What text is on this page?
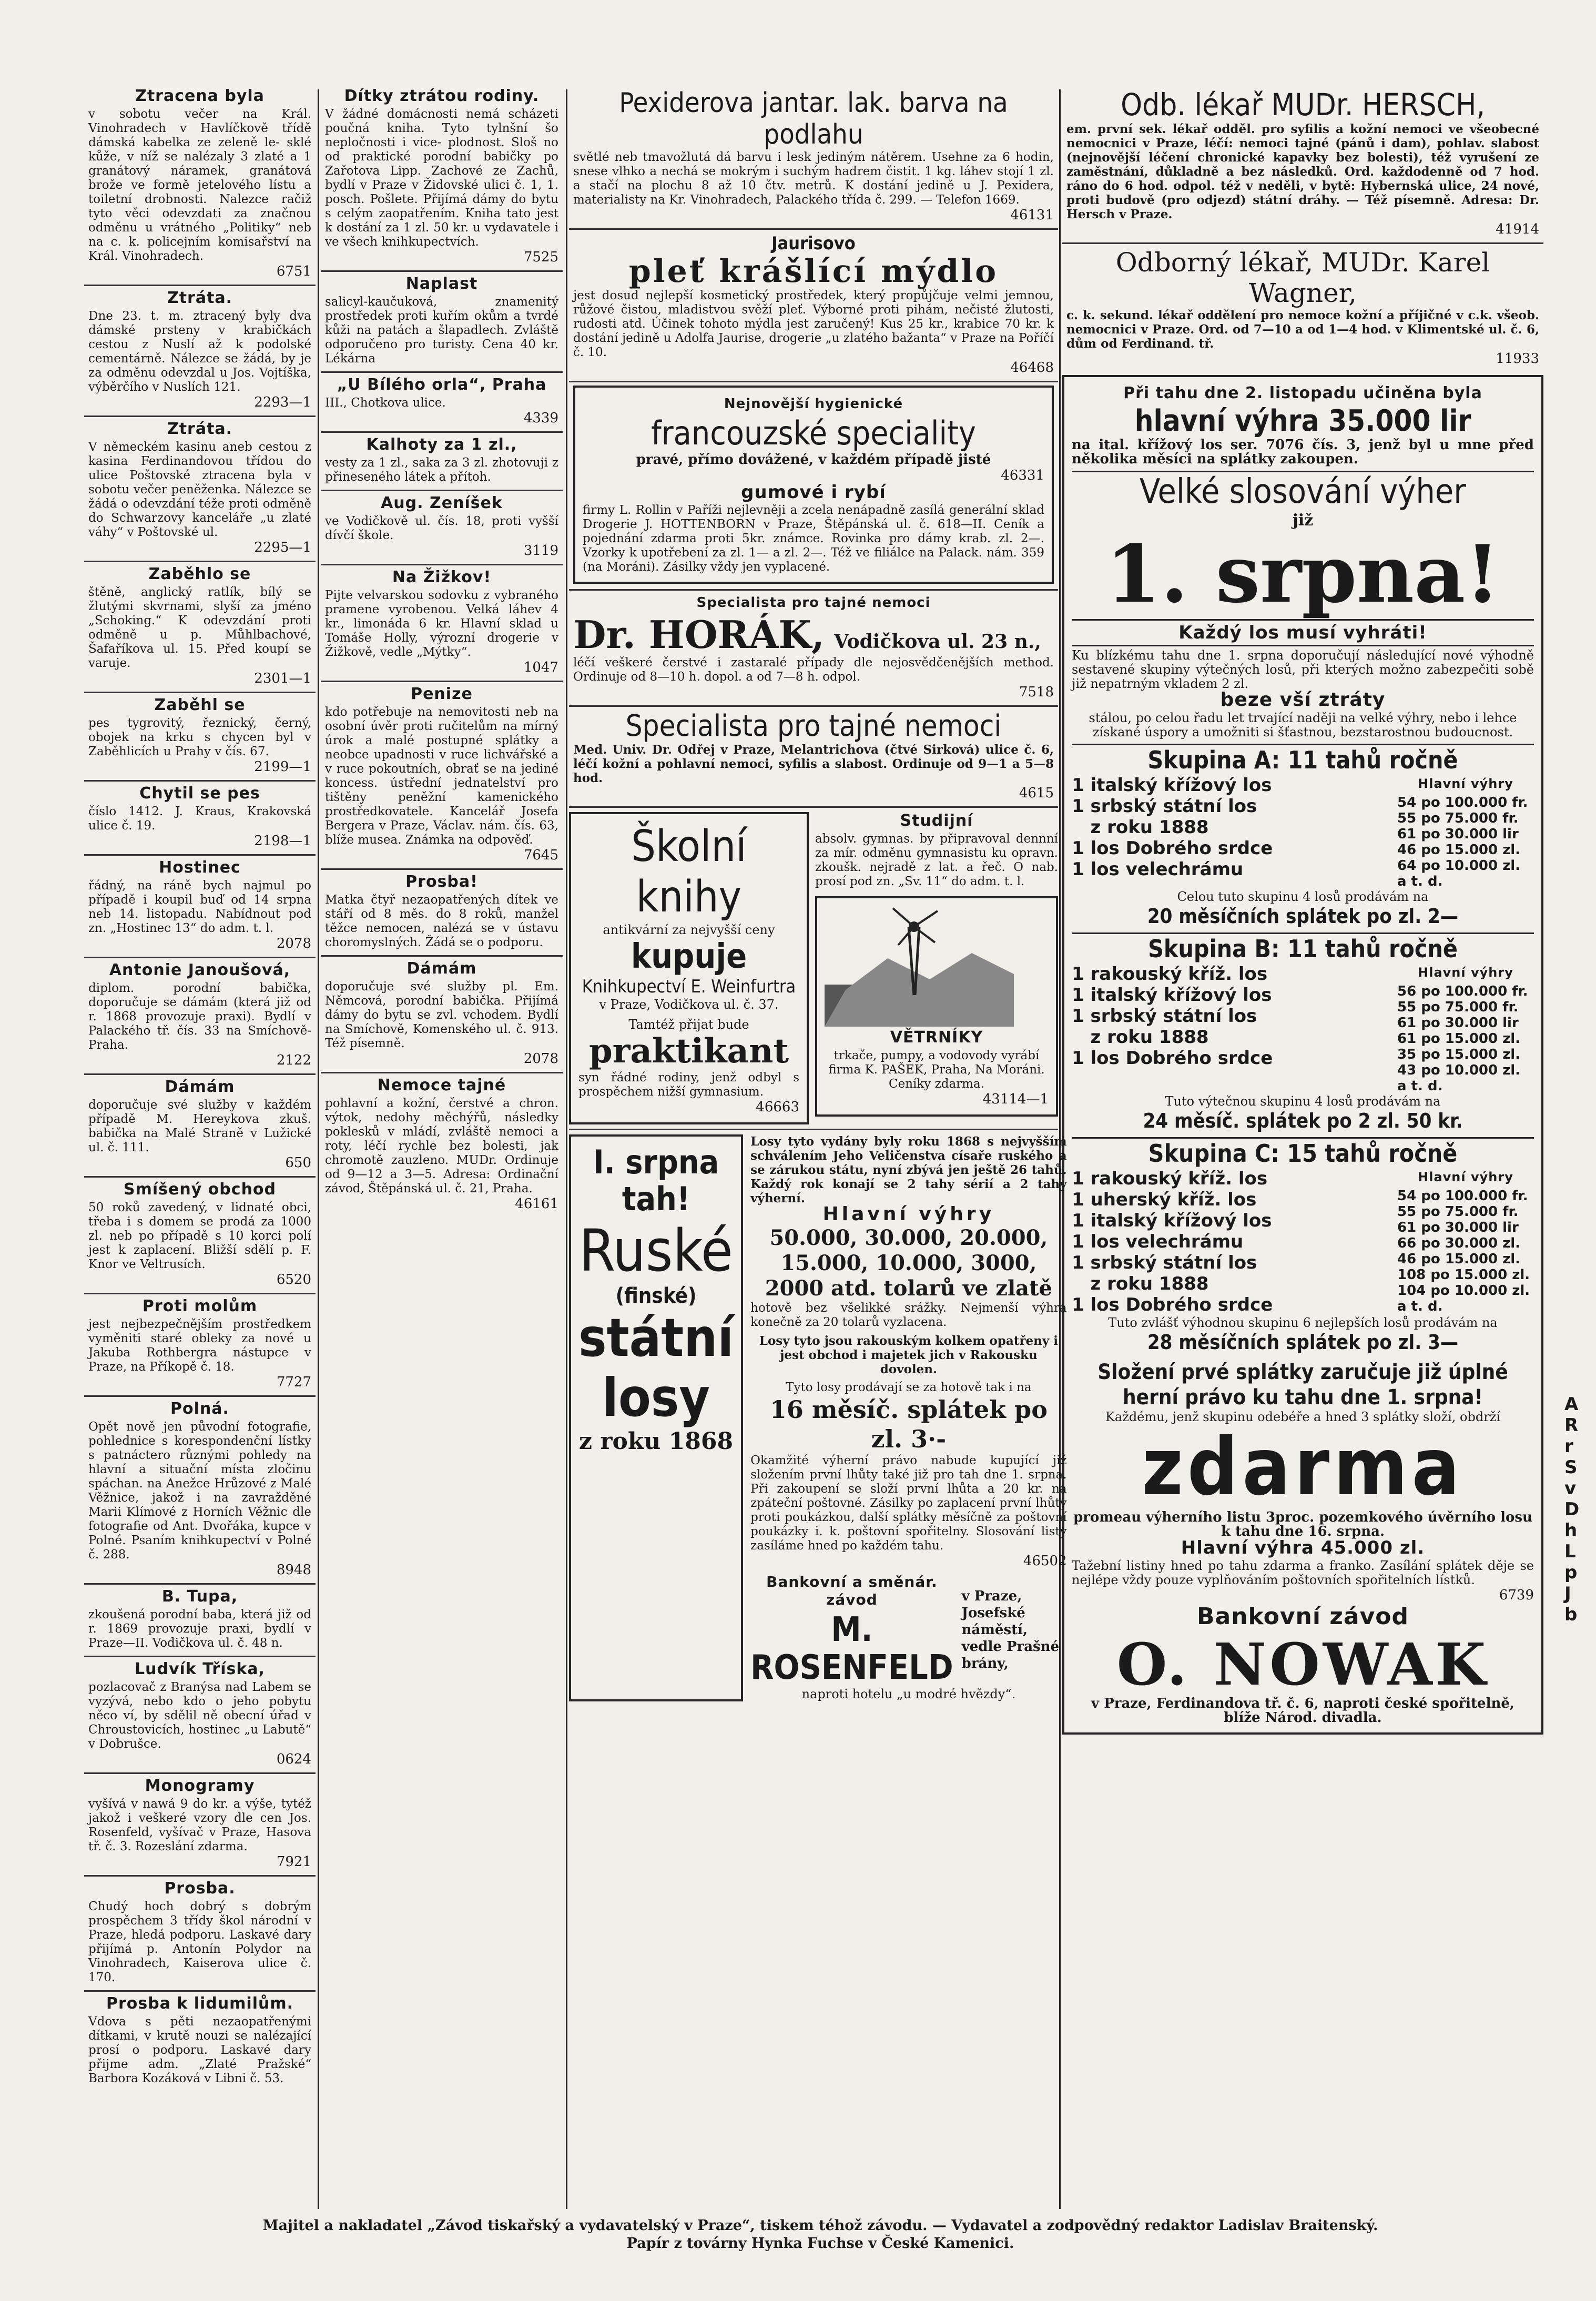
Ztracena byla

v sobotu večer na Král. Vinohradech v Havlíčkově třídě dámská kabelka ze zeleně le- sklé kůže, v níž se nalézaly 3 zlaté a 1 granátový náramek, granátová brože ve formě jetelového lístu a toiletní drobnosti. Nalezce račiž tyto věci odevzdati za značnou odměnu u vrátného „Politiky“ neb na c. k. policejním komisařství na Král. Vinohradech.

6751
Ztráta.

Dne 23. t. m. ztracený byly dva dámské prsteny v krabičkách cestou z Nuslí až k podolské cementárně. Nálezce se žádá, by je za odměnu odevzdal u Jos. Vojtíška, výběrčího v Nuslích 121.

2293—1
Ztráta.

V německém kasinu aneb cestou z kasina Ferdinandovou třídou do ulice Poštovské ztracena byla v sobotu večer peněženka. Nálezce se žádá o odevzdání téže proti odměně do Schwarzovy kanceláře „u zlaté váhy“ v Poštovské ul.

2295—1
Zaběhlo se

štěně, anglický ratlík, bílý se žlutými skvrnami, slyší za jméno „Schoking.“ K odevzdání proti odměně u p. Můhlbachové, Šafaříkova ul. 15. Před koupí se varuje.

2301—1
Zaběhl se

pes tygrovitý, řeznický, černý, obojek na krku s chycen byl v Zaběhlicích u Prahy v čís. 67.

2199—1
Chytil se pes

číslo 1412. J. Kraus, Krakovská ulice č. 19.

2198—1
Hostinec

řádný, na ráně bych najmul po případě i koupil buď od 14 srpna neb 14. listopadu. Nabídnout pod zn. „Hostinec 13“ do adm. t. l.

2078
Antonie Janoušová,

diplom. porodní babička, doporučuje se dámám (která již od r. 1868 provozuje praxi). Bydlí v Palackého tř. čís. 33 na Smíchově-Praha.

2122
Dámám

doporučuje své služby v každém případě M. Hereykova zkuš. babička na Malé Straně v Lužické ul. č. 111.

650
Smíšený obchod

50 roků zavedený, v lidnaté obci, třeba i s domem se prodá za 1000 zl. neb po případě s 10 korci polí jest k zaplacení. Bližší sdělí p. F. Knor ve Veltrusích.

6520
Proti molům

jest nejbezpečnějším prostředkem vyměniti staré obleky za nové u Jakuba Rothbergra nástupce v Praze, na Příkopě č. 18.

7727
Polná.

Opět nově jen původní fotografie, pohlednice s korespondenční lístky s patnáctero různými pohledy na hlavní a situační místa zločinu spáchan. na Anežce Hrůzové z Malé Věžnice, jakož i na zavražděné Marii Klímové z Horních Věžnic dle fotografie od Ant. Dvořáka, kupce v Polné. Psaním knihkupectví v Polné č. 288.

8948
B. Tupa,

zkoušená porodní baba, která již od r. 1869 provozuje praxi, bydlí v Praze—II. Vodičkova ul. č. 48 n.

Ludvík Tříska,

pozlacovač z Branýsa nad Labem se vyzývá, nebo kdo o jeho pobytu něco ví, by sdělil ně obecní úřad v Chroustovicích, hostinec „u Labutě“ v Dobrušce.

0624
Monogramy

vyšívá v nawá 9 do kr. a výše, tytéž jakož i veškeré vzory dle cen Jos. Rosenfeld, vyšívač v Praze, Hasova tř. č. 3. Rozeslání zdarma.

7921
Prosba.

Chudý hoch dobrý s dobrým prospěchem 3 třídy škol národní v Praze, hledá podporu. Laskavé dary přijímá p. Antonín Polydor na Vinohradech, Kaiserova ulice č. 170.

Prosba k lidumilům.

Vdova s pěti nezaopatřenými dítkami, v krutě nouzi se nalézající prosí o podporu. Laskavé dary přijme adm. „Zlaté Pražské“ Barbora Kozáková v Libni č. 53.

Dítky ztrátou rodiny.

V žádné domácnosti nemá scházeti poučná kniha. Tyto tylnšní šo nepločnosti i vice- plodnost. Sloš no od praktické porodní babičky po Zařotova Lipp. Zachové ze Zachů, bydlí v Praze v Židovské ulici č. 1, 1. posch. Pošlete. Přijímá dámy do bytu s celým zaopatřením. Kniha tato jest k dostání za 1 zl. 50 kr. u vydavatele i ve všech knihkupectvích.

7525
Naplast

salicyl-kaučuková, znamenitý prostředek proti kuřím okům a tvrdé kůži na patách a šlapadlech. Zvláště odporučeno pro turisty. Cena 40 kr. Lékárna

„U Bílého orla“, Praha

III., Chotkova ulice.

4339
Kalhoty za 1 zl.,

vesty za 1 zl., saka za 3 zl. zhotovuji z přineseného látek a přítoh.

Aug. Zeníšek

ve Vodičkově ul. čís. 18, proti vyšší dívčí škole.

3119
Na Žižkov!

Pijte velvarskou sodovku z vybraného pramene vyrobenou. Velká láhev 4 kr., limonáda 6 kr. Hlavní sklad u Tomáše Holly, výrozní drogerie v Žižkově, vedle „Mýtky“.

1047
Penize

kdo potřebuje na nemovitosti neb na osobní úvěr proti ručitelům na mírný úrok a malé postupné splátky a neobce upadnosti v ruce lichvářské a v ruce pokoutních, obrať se na jediné koncess. ústřední jednatelství pro tištěny peněžní kamenického prostředkovatele. Kancelář Josefa Bergera v Praze, Václav. nám. čís. 63, blíže musea. Známka na odpověď.

7645
Prosba!

Matka čtyř nezaopatřených dítek ve stáří od 8 měs. do 8 roků, manžel těžce nemocen, nalézá se v ústavu choromyslných. Žádá se o podporu.

Dámám

doporučuje své služby pl. Em. Němcová, porodní babička. Přijímá dámy do bytu se zvl. vchodem. Bydlí na Smíchově, Komenského ul. č. 913. Též písemně.

2078
Nemoce tajné

pohlavní a kožní, čerstvé a chron. výtok, nedohy měchýřů, následky poklesků v mládí, zvláště nemoci a roty, léčí rychle bez bolesti, jak chromotě zauzleno. MUDr. Ordinuje od 9—12 a 3—5. Adresa: Ordinační závod, Štěpánská ul. č. 21, Praha.

46161
Pexiderova jantar. lak. barva na podlahu

světlé neb tmavožlutá dá barvu i lesk jediným nátěrem. Usehne za 6 hodin, snese vlhko a nechá se mokrým i suchým hadrem čistit. 1 kg. láhev stojí 1 zl. a stačí na plochu 8 až 10 čtv. metrů. K dostání jedině u J. Pexidera, materialisty na Kr. Vinohradech, Palackého třída č. 299. — Telefon 1669.

46131
Jaurisovo
pleť krášlící mýdlo

jest dosud nejlepší kosmetický prostředek, který propůjčuje velmi jemnou, růžové čistou, mladistvou svěží pleť. Výborné proti pihám, nečisté žlutosti, rudosti atd. Účinek tohoto mýdla jest zaručený! Kus 25 kr., krabice 70 kr. k dostání jedině u Adolfa Jaurise, drogerie „u zlatého bažanta“ v Praze na Poříčí č. 10.

46468
Nejnovější hygienické
francouzské speciality
pravé, přímo dovážené, v každém případě jisté
46331
gumové i rybí

firmy L. Rollin v Paříži nejlevněji a zcela nenápadně zasílá generální sklad Drogerie J. HOTTENBORN v Praze, Štěpánská ul. č. 618—II. Ceník a pojednání zdarma proti 5kr. známce. Rovinka pro dámy krab. zl. 2—. Vzorky k upotřebení za zl. 1— a zl. 2—. Též ve filiálce na Palack. nám. 359 (na Moráni). Zásilky vždy jen vyplacené.

Specialista pro tajné nemoci
Dr. HORÁK, Vodičkova ul. 23 n.,

léčí veškeré čerstvé i zastaralé případy dle nejosvědčenějších method. Ordinuje od 8—10 h. dopol. a od 7—8 h. odpol.

7518
Specialista pro tajné nemoci

Med. Univ. Dr. Odřej v Praze, Melantrichova (čtvé Sirková) ulice č. 6, léčí kožní a pohlavní nemoci, syfilis a slabost. Ordinuje od 9—1 a 5—8 hod.

4615
Školní knihy
antikvární za nejvyšší ceny
kupuje
Knihkupectví E. Weinfurtra
v Praze, Vodičkova ul. č. 37.
Tamtéž přijat bude
praktikant

syn řádné rodiny, jenž odbyl s prospěchem nižší gymnasium.

46663
Studijní

absolv. gymnas. by připravoval dennní za mír. odměnu gymnasistu ku opravn. zkoušk. nejradě z lat. a řeč. O nab. prosí pod zn. „Sv. 11“ do adm. t. l.

VĚTRNÍKY

trkače, pumpy, a vodovody vyrábí firma K. PAŠEK, Praha, Na Moráni. Ceníky zdarma.

43114—1
I. srpna
tah!
Ruské
(finské)
státní
losy
z roku 1868

Losy tyto vydány byly roku 1868 s nejvyšším schválením Jeho Veličenstva císaře ruského a se zárukou státu, nyní zbývá jen ještě 26 tahů. Každý rok konají se 2 tahy sérií a 2 tahy výherní.

Hlavní výhry
50.000, 30.000, 20.000, 15.000, 10.000, 3000, 2000 atd. tolarů ve zlatě

hotově bez všelikké srážky. Nejmenší výhra konečně za 20 tolarů vyzlacena.

Losy tyto jsou rakouským kolkem opatřeny i jest obchod i majetek jich v Rakousku dovolen.

Tyto losy prodávají se za hotově tak i na

16 měsíč. splátek po zl. 3·-

Okamžité výherní právo nabude kupující již složením první lhůty také již pro tah dne 1. srpna. Při zakoupení se složí první lhůta a 20 kr. na zpáteční poštovné. Zásilky po zaplacení první lhůty proti poukázkou, další splátky měsíčně za poštovní poukázky i. k. poštovní spořitelny. Slosování listy zasíláme hned po každém tahu.

46502
Bankovní a směnár. závod
M. ROSENFELD
v Praze, Josefské náměstí, vedle Prašné brány,
naproti hotelu „u modré hvězdy“.
Odb. lékař MUDr. HERSCH,

em. první sek. lékař odděl. pro syfilis a kožní nemoci ve všeobecné nemocnici v Praze, léčí: nemoci tajné (pánů i dam), pohlav. slabost (nejnovější léčení chronické kapavky bez bolesti), též vyrušení ze zaměstnání, důkladně a bez následků. Ord. každodenně od 7 hod. ráno do 6 hod. odpol. též v neděli, v bytě: Hybernská ulice, 24 nové, proti budově (pro odjezd) státní dráhy. — Též písemně. Adresa: Dr. Hersch v Praze.

41914
Odborný lékař, MUDr. Karel Wagner,

c. k. sekund. lékař oddělení pro nemoce kožní a příjičné v c.k. všeob. nemocnici v Praze. Ord. od 7—10 a od 1—4 hod. v Klimentské ul. č. 6, dům od Ferdinand. tř.

11933
Při tahu dne 2. listopadu učiněna byla
hlavní výhra 35.000 lir

na ital. křížový los ser. 7076 čís. 3, jenž byl u mne před několika měsíci na splátky zakoupen.

Velké slosování výher
již
1. srpna!
Každý los musí vyhráti!

Ku blízkému tahu dne 1. srpna doporučují následující nové výhodně sestavené skupiny výtečných losů, při kterých možno zabezpečiti sobě již nepatrným vkladem 2 zl.

beze vší ztráty

stálou, po celou řadu let trvající naději na velké výhry, nebo i lehce získané úspory a umožniti si šťastnou, bezstarostnou budoucnost.

Skupina A: 11 tahů ročně
1 italský křížový los
1 srbský státní los
z roku 1888
1 los Dobrého srdce
1 los velechrámu
Hlavní výhry
54 po 100.000 fr.
55 po 75.000 fr.
61 po 30.000 lir
46 po 15.000 zl.
64 po 10.000 zl.
a t. d.
Celou tuto skupinu 4 losů prodávám na
20 měsíčních splátek po zl. 2—
Skupina B: 11 tahů ročně
1 rakouský kříž. los
1 italský křížový los
1 srbský státní los
z roku 1888
1 los Dobrého srdce
Hlavní výhry
56 po 100.000 fr.
55 po 75.000 fr.
61 po 30.000 lir
61 po 15.000 zl.
35 po 15.000 zl.
43 po 10.000 zl.
a t. d.
Tuto výtečnou skupinu 4 losů prodávám na
24 měsíč. splátek po 2 zl. 50 kr.
Skupina C: 15 tahů ročně
1 rakouský kříž. los
1 uherský kříž. los
1 italský křížový los
1 los velechrámu
1 srbský státní los
z roku 1888
1 los Dobrého srdce
Hlavní výhry
54 po 100.000 fr.
55 po 75.000 fr.
61 po 30.000 lir
66 po 30.000 zl.
46 po 15.000 zl.
108 po 15.000 zl.
104 po 10.000 zl.
a t. d.
Tuto zvlášť výhodnou skupinu 6 nejlepších losů prodávám na
28 měsíčních splátek po zl. 3—
Složení prvé splátky zaručuje již úplné herní právo ku tahu dne 1. srpna!

Každému, jenž skupinu odebéře a hned 3 splátky složí, obdrží

zdarma

promeau výherního listu 3proc. pozemkového úvěrního losu k tahu dne 16. srpna.

Hlavní výhra 45.000 zl.

Tažební listiny hned po tahu zdarma a franko. Zasílání splátek děje se nejlépe vždy pouze vyplňováním poštovních spořitelních lístků.

6739
Bankovní závod
O. NOWAK

v Praze, Ferdinandova tř. č. 6, naproti české spořitelně, blíže Národ. divadla.

Majitel a nakladatel „Závod tiskařský a vydavatelský v Praze“, tiskem téhož závodu. — Vydavatel a zodpovědný redaktor Ladislav Braitenský.
Papír z továrny Hynka Fuchse v České Kamenici.
A
R
r
S
v
D
h
L
p
J
b
